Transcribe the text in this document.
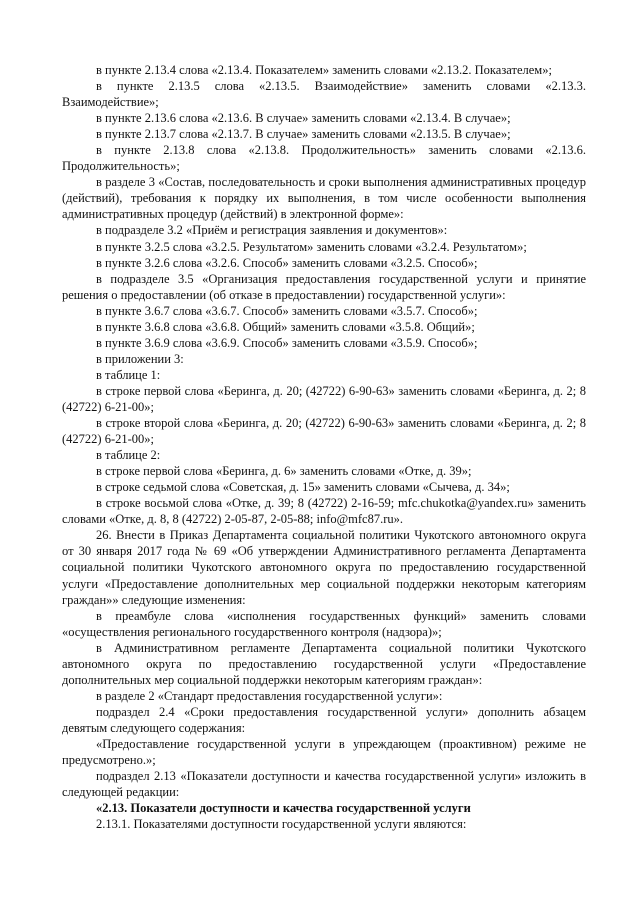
в пункте 2.13.4 слова «2.13.4. Показателем» заменить словами «2.13.2. Показателем»;

в пункте 2.13.5 слова «2.13.5. Взаимодействие» заменить словами «2.13.3. Взаимодействие»;

в пункте 2.13.6 слова «2.13.6. В случае» заменить словами «2.13.4. В случае»;

в пункте 2.13.7 слова «2.13.7. В случае» заменить словами «2.13.5. В случае»;

в пункте 2.13.8 слова «2.13.8. Продолжительность» заменить словами «2.13.6. Продолжительность»;

в разделе 3 «Состав, последовательность и сроки выполнения административных процедур (действий), требования к порядку их выполнения, в том числе особенности выполнения административных процедур (действий) в электронной форме»:

в подразделе 3.2 «Приём и регистрация заявления и документов»:

в пункте 3.2.5 слова «3.2.5. Результатом» заменить словами «3.2.4. Результатом»;

в пункте 3.2.6 слова «3.2.6. Способ» заменить словами «3.2.5. Способ»;

в подразделе 3.5 «Организация предоставления государственной услуги и принятие решения о предоставлении (об отказе в предоставлении) государственной услуги»:

в пункте 3.6.7 слова «3.6.7. Способ» заменить словами «3.5.7. Способ»;

в пункте 3.6.8 слова «3.6.8. Общий» заменить словами «3.5.8. Общий»;

в пункте 3.6.9 слова «3.6.9. Способ» заменить словами «3.5.9. Способ»;

в приложении 3:

в таблице 1:

в строке первой слова «Беринга, д. 20; (42722) 6-90-63» заменить словами «Беринга, д. 2; 8 (42722) 6-21-00»;

в строке второй слова «Беринга, д. 20; (42722) 6-90-63» заменить словами «Беринга, д. 2; 8 (42722) 6-21-00»;

в таблице 2:

в строке первой слова «Беринга, д. 6» заменить словами «Отке, д. 39»;

в строке седьмой слова «Советская, д. 15» заменить словами «Сычева, д. 34»;

в строке восьмой слова «Отке, д. 39; 8 (42722) 2-16-59; mfc.chukotka@yandex.ru» заменить словами «Отке, д. 8, 8 (42722) 2-05-87, 2-05-88; info@mfc87.ru».

26. Внести в Приказ Департамента социальной политики Чукотского автономного округа от 30 января 2017 года № 69 «Об утверждении Административного регламента Департамента социальной политики Чукотского автономного округа по предоставлению государственной услуги «Предоставление дополнительных мер социальной поддержки некоторым категориям граждан»» следующие изменения:

в преамбуле слова «исполнения государственных функций» заменить словами «осуществления регионального государственного контроля (надзора)»;

в Административном регламенте Департамента социальной политики Чукотского автономного округа по предоставлению государственной услуги «Предоставление дополнительных мер социальной поддержки некоторым категориям граждан»:

в разделе 2 «Стандарт предоставления государственной услуги»:

подраздел 2.4 «Сроки предоставления государственной услуги» дополнить абзацем девятым следующего содержания:

«Предоставление государственной услуги в упреждающем (проактивном) режиме не предусмотрено.»;

подраздел 2.13 «Показатели доступности и качества государственной услуги» изложить в следующей редакции:

«2.13. Показатели доступности и качества государственной услуги

2.13.1. Показателями доступности государственной услуги являются:
